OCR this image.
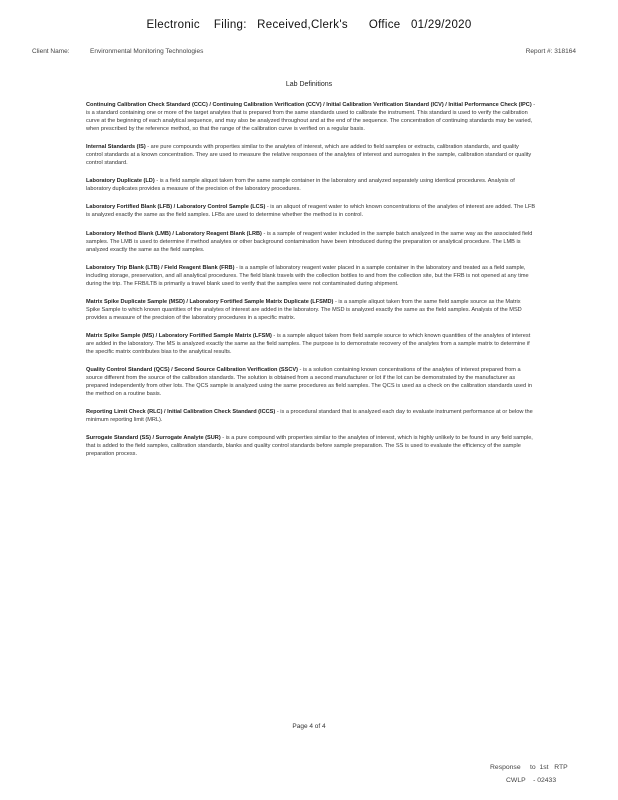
Electronic    Filing:   Received,Clerk's      Office   01/29/2020
Client Name:	Environmental Monitoring Technologies	Report #: 318164
Lab Definitions

Continuing Calibration Check Standard (CCC) / Continuing Calibration Verification (CCV) / Initial Calibration Verification Standard (ICV) / Initial Performance Check (IPC) - is a standard containing one or more of the target analytes that is prepared from the same standards used to calibrate the instrument. This standard is used to verify the calibration curve at the beginning of each analytical sequence, and may also be analyzed throughout and at the end of the sequence. The concentration of continuing standards may be varied, when prescribed by the reference method, so that the range of the calibration curve is verified on a regular basis.

Internal Standards (IS) - are pure compounds with properties similar to the analytes of interest, which are added to field samples or extracts, calibration standards, and quality control standards at a known concentration. They are used to measure the relative responses of the analytes of interest and surrogates in the sample, calibration standard or quality control standard.

Laboratory Duplicate (LD) - is a field sample aliquot taken from the same sample container in the laboratory and analyzed separately using identical procedures. Analysis of laboratory duplicates provides a measure of the precision of the laboratory procedures.

Laboratory Fortified Blank (LFB) / Laboratory Control Sample (LCS) - is an aliquot of reagent water to which known concentrations of the analytes of interest are added. The LFB is analyzed exactly the same as the field samples. LFBs are used to determine whether the method is in control.

Laboratory Method Blank (LMB) / Laboratory Reagent Blank (LRB) - is a sample of reagent water included in the sample batch analyzed in the same way as the associated field samples. The LMB is used to determine if method analytes or other background contamination have been introduced during the preparation or analytical procedure. The LMB is analyzed exactly the same as the field samples.

Laboratory Trip Blank (LTB) / Field Reagent Blank (FRB) - is a sample of laboratory reagent water placed in a sample container in the laboratory and treated as a field sample, including storage, preservation, and all analytical procedures. The field blank travels with the collection bottles to and from the collection site, but the FRB is not opened at any time during the trip. The FRB/LTB is primarily a travel blank used to verify that the samples were not contaminated during shipment.

Matrix Spike Duplicate Sample (MSD) / Laboratory Fortified Sample Matrix Duplicate (LFSMD) - is a sample aliquot taken from the same field sample source as the Matrix Spike Sample to which known quantities of the analytes of interest are added in the laboratory. The MSD is analyzed exactly the same as the field samples. Analysis of the MSD provides a measure of the precision of the laboratory procedures in a specific matrix.

Matrix Spike Sample (MS) / Laboratory Fortified Sample Matrix (LFSM) - is a sample aliquot taken from field sample source to which known quantities of the analytes of interest are added in the laboratory. The MS is analyzed exactly the same as the field samples. The purpose is to demonstrate recovery of the analytes from a sample matrix to determine if the specific matrix contributes bias to the analytical results.

Quality Control Standard (QCS) / Second Source Calibration Verification (SSCV) - is a solution containing known concentrations of the analytes of interest prepared from a source different from the source of the calibration standards. The solution is obtained from a second manufacturer or lot if the lot can be demonstrated by the manufacturer as prepared independently from other lots. The QCS sample is analyzed using the same procedures as field samples. The QCS is used as a check on the calibration standards used in the method on a routine basis.

Reporting Limit Check (RLC) / Initial Calibration Check Standard (ICCS) - is a procedural standard that is analyzed each day to evaluate instrument performance at or below the minimum reporting limit (MRL).

Surrogate Standard (SS) / Surrogate Analyte (SUR) - is a pure compound with properties similar to the analytes of interest, which is highly unlikely to be found in any field sample, that is added to the field samples, calibration standards, blanks and quality control standards before sample preparation. The SS is used to evaluate the efficiency of the sample preparation process.

Page 4 of 4
Response     to  1st   RTP
CWLP    - 02433
